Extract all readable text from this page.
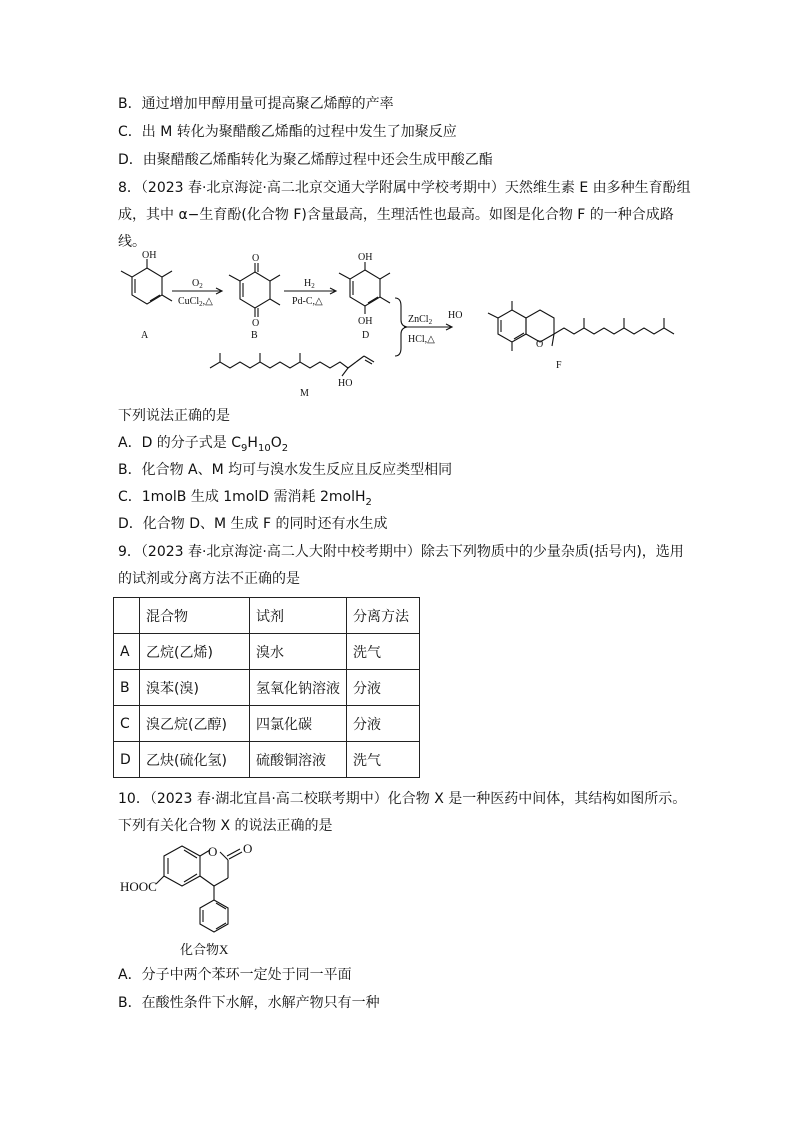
B．通过增加甲醇用量可提高聚乙烯醇的产率
C．出 M 转化为聚醋酸乙烯酯的过程中发生了加聚反应
D．由聚醋酸乙烯酯转化为聚乙烯醇过程中还会生成甲酸乙酯
8．（2023 春·北京海淀·高二北京交通大学附属中学校考期中）天然维生素 E 由多种生育酚组
成，其中 α−生育酚(化合物 F)含量最高，生理活性也最高。如图是化合物 F 的一种合成路
线。
OH
$O_2$
CuCl$_2$,△
O
O
$H_2$
Pd-C,△
OH
OH	ZnCl$_2$
HCl,△
HO
HO
O
A	B	D
M
F
下列说法正确的是
A．D 的分子式是 $C_9H_{10}O_2$
B．化合物 A、M 均可与溴水发生反应且反应类型相同
C．1molB 生成 1molD 需消耗 2molH$_2$
D．化合物 D、M 生成 F 的同时还有水生成
9．（2023 春·北京海淀·高二人大附中校考期中）除去下列物质中的少量杂质(括号内)，选用
的试剂或分离方法不正确的是
	混合物	试剂	分离方法
A	乙烷(乙烯)	溴水	洗气
B	溴苯(溴)	氢氧化钠溶液	分液
C	溴乙烷(乙醇)	四氯化碳	分液
D	乙炔(硫化氢)	硫酸铜溶液	洗气
10．（2023 春·湖北宜昌·高二校联考期中）化合物 X 是一种医药中间体，其结构如图所示。
下列有关化合物 X 的说法正确的是
O O
HOOC
化合物X
A．分子中两个苯环一定处于同一平面
B．在酸性条件下水解，水解产物只有一种
